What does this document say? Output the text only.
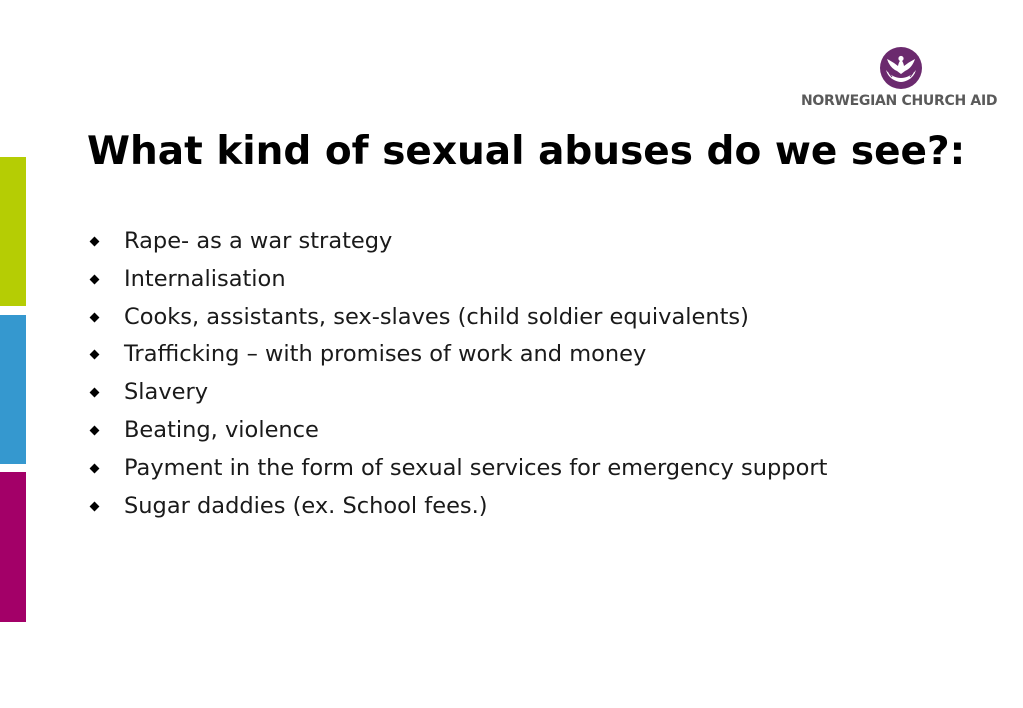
NORWEGIAN CHURCH AID
What kind of sexual abuses do we see?:
Rape- as a war strategy
Internalisation
Cooks, assistants, sex-slaves (child soldier equivalents)
Trafficking – with promises of work and money
Slavery
Beating, violence
Payment in the form of sexual services for emergency support
Sugar daddies (ex. School fees.)
